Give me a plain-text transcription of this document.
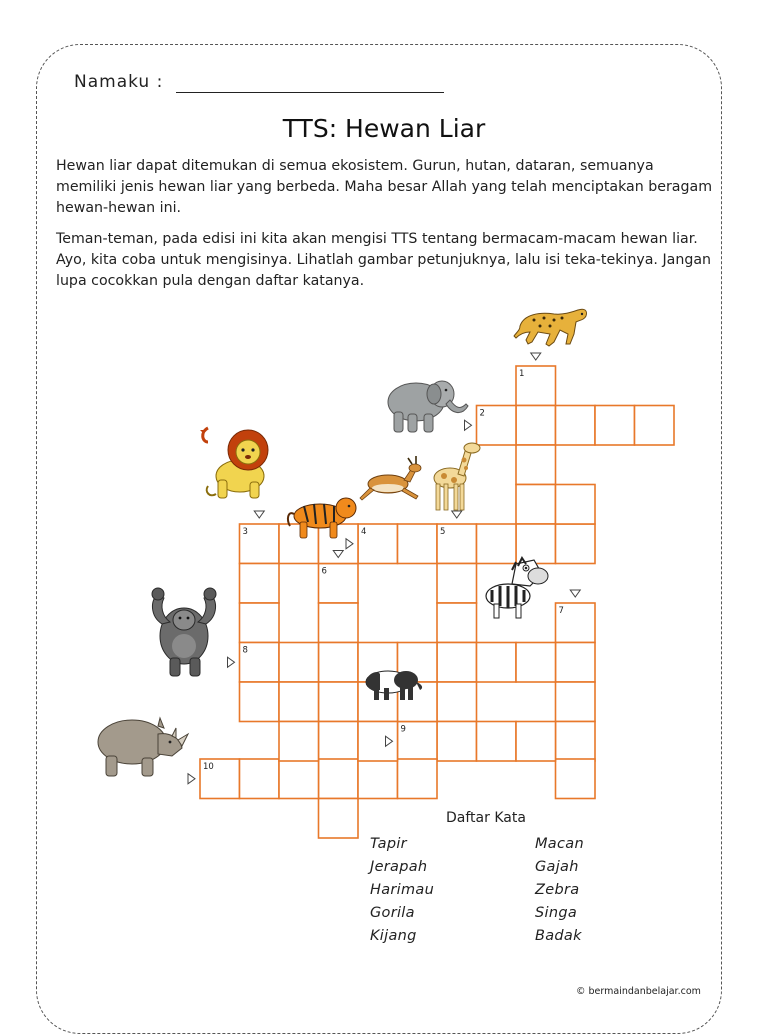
Namaku :
TTS: Hewan Liar

Hewan liar dapat ditemukan di semua ekosistem. Gurun, hutan, dataran, semuanya memiliki jenis hewan liar yang berbeda. Maha besar Allah yang telah menciptakan beragam hewan-hewan ini.

Teman-teman, pada edisi ini kita akan mengisi TTS tentang bermacam-macam hewan liar. Ayo, kita coba untuk mengisinya. Lihatlah gambar petunjuknya, lalu isi teka-tekinya. Jangan lupa cocokkan pula dengan daftar katanya.

1
2
3	4	5
6
7
8
9
10
Daftar Kata
Tapir
Jerapah
Harimau
Gorila
Kijang
Macan
Gajah
Zebra
Singa
Badak
© bermaindanbelajar.com
